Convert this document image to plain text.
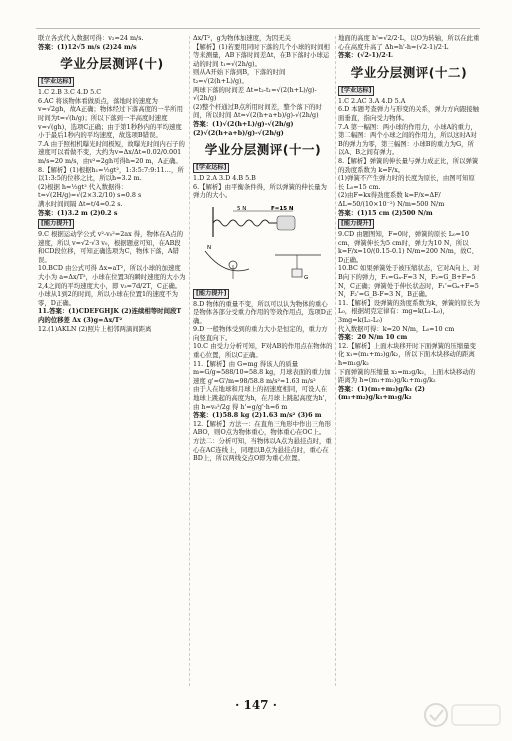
联立各式代入数据可得：v₂=24 m/s.

答案：(1)12√5 m/s (2)24 m/s

学业分层测评(十)
[学业达标]

1.C 2.B 3.C 4.D 5.C

6.AC 将该物体看做质点，落地时的速度为v=√2gh，故A正确；物体经过下落高度的一半所用时间为t=√(h/g)；所以下落到一半高度时速度v=√(gh)，选项C正确；由于第1秒秒内的平均速度小于最后1秒内的平均速度，故选项B错误。

7.A 由于照相机曝光时间极短，故曝光时间内石子的速度可以看做不变，大约为v=Δx/Δt=0.02/0.001 m/s=20 m/s，由v²=2gh可得h=20 m，A正确。

8.【解析】(1)根据h₁=½gt²，1:3:5:7:9:11…，所以1:3:5的位移之比，所以h=3.2 m.

(2)根据 h=½gt² 代入数据得：t=√(2H/g)=√(2×3.2/10) s=0.8 s

满水时间间隔 Δt=t/4=0.2 s.

答案：(1)3.2 m (2)0.2 s

[能力提升]

9.C 根据运动学公式 v²-v₀²=2ax 得，物体在A点的速度，所以 v=√2·√3 v₀，根据题意可知，在AB段和CD段位移，可知正确选项为C，物体下落，A错误。

10.BCD 由公式可得 Δx=aT²，所以小球的加速度大小为 a=Δx/T²，小球在位置3的瞬时速度的大小为2,4之间的平均速度大小，即 v₃=7d/2T，C正确。小球从1到2的时间，所以小球在位置1的速度不为零，D正确。

11.答案：(1)CDEFGHJK (2)连续相等时间段T内的位移差 Δx (3)g=Δx/T²

12.(1)AKLN (2)照片上相邻两滴间距离

Δx/T²，g为物体加速度，为因无关

【解析】(1)若要用同时下落的几个小球的时间相等来测量，AB下落时间差Δt，在B下落时小球运动的时间 t₁=√(2h/g)。

则从A开始下落到B，下落的时间 t₂=√(2(h+L)/g)。

两球下落的时间差 Δt=t₂-t₁=√(2(h+L)/g)-√(2h/g)

(2)整个杆通过B点所用时间差，整个落下的时间，所以时间 Δt=√(2(h+a+b)/g)-√(2h/g)

答案：(1)√(2(h+L)/g)-√(2h/g) (2)√(2(h+a+b)/g)-√(2h/g)

学业分层测评(十一)
[学业达标]

1.D 2.A 3.D 4.B 5.B

6.【解析】由平衡条件得，所以弹簧的伸长量为弹力的大小。

5 N	F=15 N
N
G
[能力提升]

8.D 物体的重量不变，所以可以认为物体的重心是物体各部分受重力作用的等效作用点，选项D正确。

9.D 一般物体受到的重力大小是恒定的，重力方向竖直向下。

10.C 由受力分析可知，F对AB的作用点在物体的重心位置，所以C正确。

11.【解析】由 G=mg 得该人的质量 m=G/g=588/10=58.8 kg，月球表面的重力加速度 g'=G'/m=98/58.8 m/s²≈1.63 m/s²

由于人在地球和月球上的初速度相同，可设人在地球上跳起的高度为h，在月球上跳起高度为h'，由 h=v₀²/2g 得 h'=g/g'·h=6 m

答案：(1)58.8 kg (2)1.63 m/s² (3)6 m

12.【解析】方法一：在直角三角形中作出三角形ABO，则O点为物体重心，物体重心在OC上。

方法二：分析可知，当物体以A点为悬挂点时，重心在AC连线上，同理以B点为悬挂点时，重心在BD上，所以两线交点O即为重心位置。

地面的高度 h'=√2/2·L，以O为转轴，所以在此重心在高度升高了 Δh=h'-h=(√2-1)/2·L

答案：(√2-1)/2·L

学业分层测评(十二)
[学业达标]

1.C 2.AC 3.A 4.D 5.A

6.D 本题考查弹力与形变的关系，弹力方向跟接触面垂直，指向受力物体。

7.A 第一幅图：两小球的作用力，小球A的重力，第二幅图：两个小球之间的作用力，所以这时A对B的弹力为零，第三幅图：小球B的重力为G，所以A、B之间有弹力。

8.【解析】弹簧的伸长量与弹力成正比，所以弹簧的劲度系数为 k=F/x。

(1)弹簧不产生弹力时的长度为原长，由图可知原长 L₀=15 cm.

(2)由F=kx得劲度系数 k=F/x=ΔF/ΔL=50/(10×10⁻²) N/m=500 N/m

答案：(1)15 cm (2)500 N/m

[能力提升]

9.CD 由题图知，F=0时，弹簧的原长 L₀=10 cm，弹簧伸长为5 cm时，弹力为10 N，所以 k=F/x=10/(0.15-0.1) N/m=200 N/m，故C、D正确。

10.BC 如果弹簧处于被压缩状态，它对A向上、对B向下的弹力，F₁=Gₐ-F=3 N，F₂=G_B+F=5 N，C正确；弹簧处于伸长状态时，F₁'=Gₐ+F=5 N，F₂'=G_B-F=3 N，B正确。

11.【解析】设弹簧的劲度系数为k，弹簧的原长为L₀，根据胡克定律有：mg=k(L₁-L₀)，3mg=k(L₂-L₀)

代入数据可得：k=20 N/m，L₀=10 cm

答案：20 N/m 10 cm

12.【解析】上面木块移开时下面弹簧的压缩量变化 x₁=(m₁+m₂)g/k₂，所以下面木块移动的距离 h=m₁g/k₂

下面弹簧的压缩量 x₂=m₂g/k₂，上面木块移动的距离为 h=(m₁+m₂)g/k₁+m₁g/k₂

答案：(1)(m₁+m₂)g/k₁ (2)(m₁+m₂)g/k₁+m₁g/k₂

· 147 ·
